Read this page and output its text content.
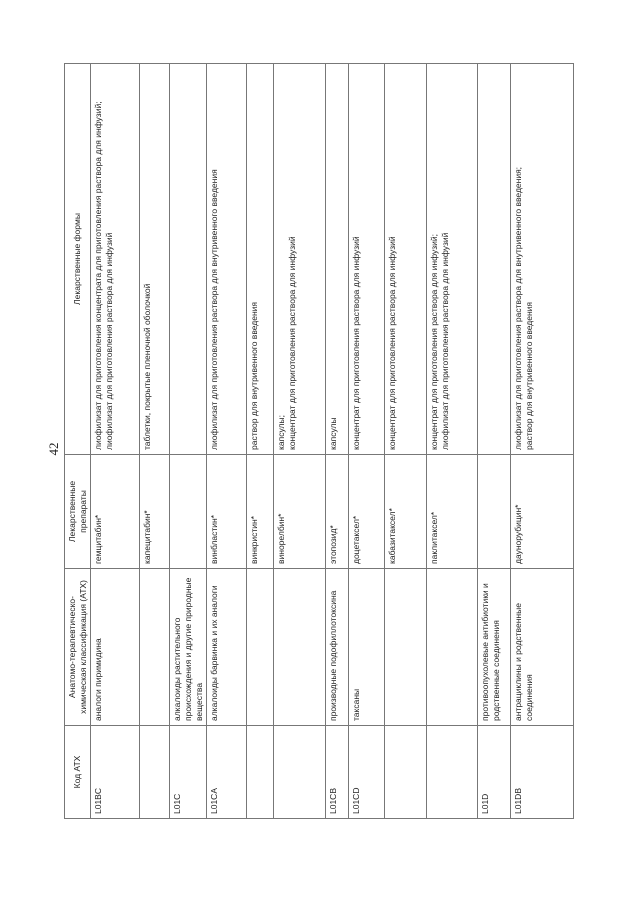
42
Код АТХ	Анатомо-терапевтическо-химическая классификация (АТХ)	Лекарственные препараты	Лекарственные формы
L01BC	аналоги пиримидина	гемцитабин*	лиофилизат для приготовления концентрата для приготовления раствора для инфузий; лиофилизат для приготовления раствора для инфузий

		капецитабин*	таблетки, покрытые пленочной оболочкой

L01C	алкалоиды растительного происхождения и другие природные вещества		
L01CA	алкалоиды барвинка и их аналоги	винбластин*	лиофилизат для приготовления раствора для внутривенного введения

		винкристин*	раствор для внутривенного введения

		винорелбин*	капсулы; концентрат для приготовления раствора для инфузий

L01CB	производные подофиллотоксина	этопозид*	капсулы

L01CD	таксаны	доцетаксел*	концентрат для приготовления раствора для инфузий

		кабазитаксел*	концентрат для приготовления раствора для инфузий

		паклитаксел*	концентрат для приготовления раствора для инфузий; лиофилизат для приготовления раствора для инфузий

L01D	противоопухолевые антибиотики и родственные соединения		
L01DB	антрациклины и родственные соединения	даунорубицин*	лиофилизат для приготовления раствора для внутривенного введения; раствор для внутривенного введения
